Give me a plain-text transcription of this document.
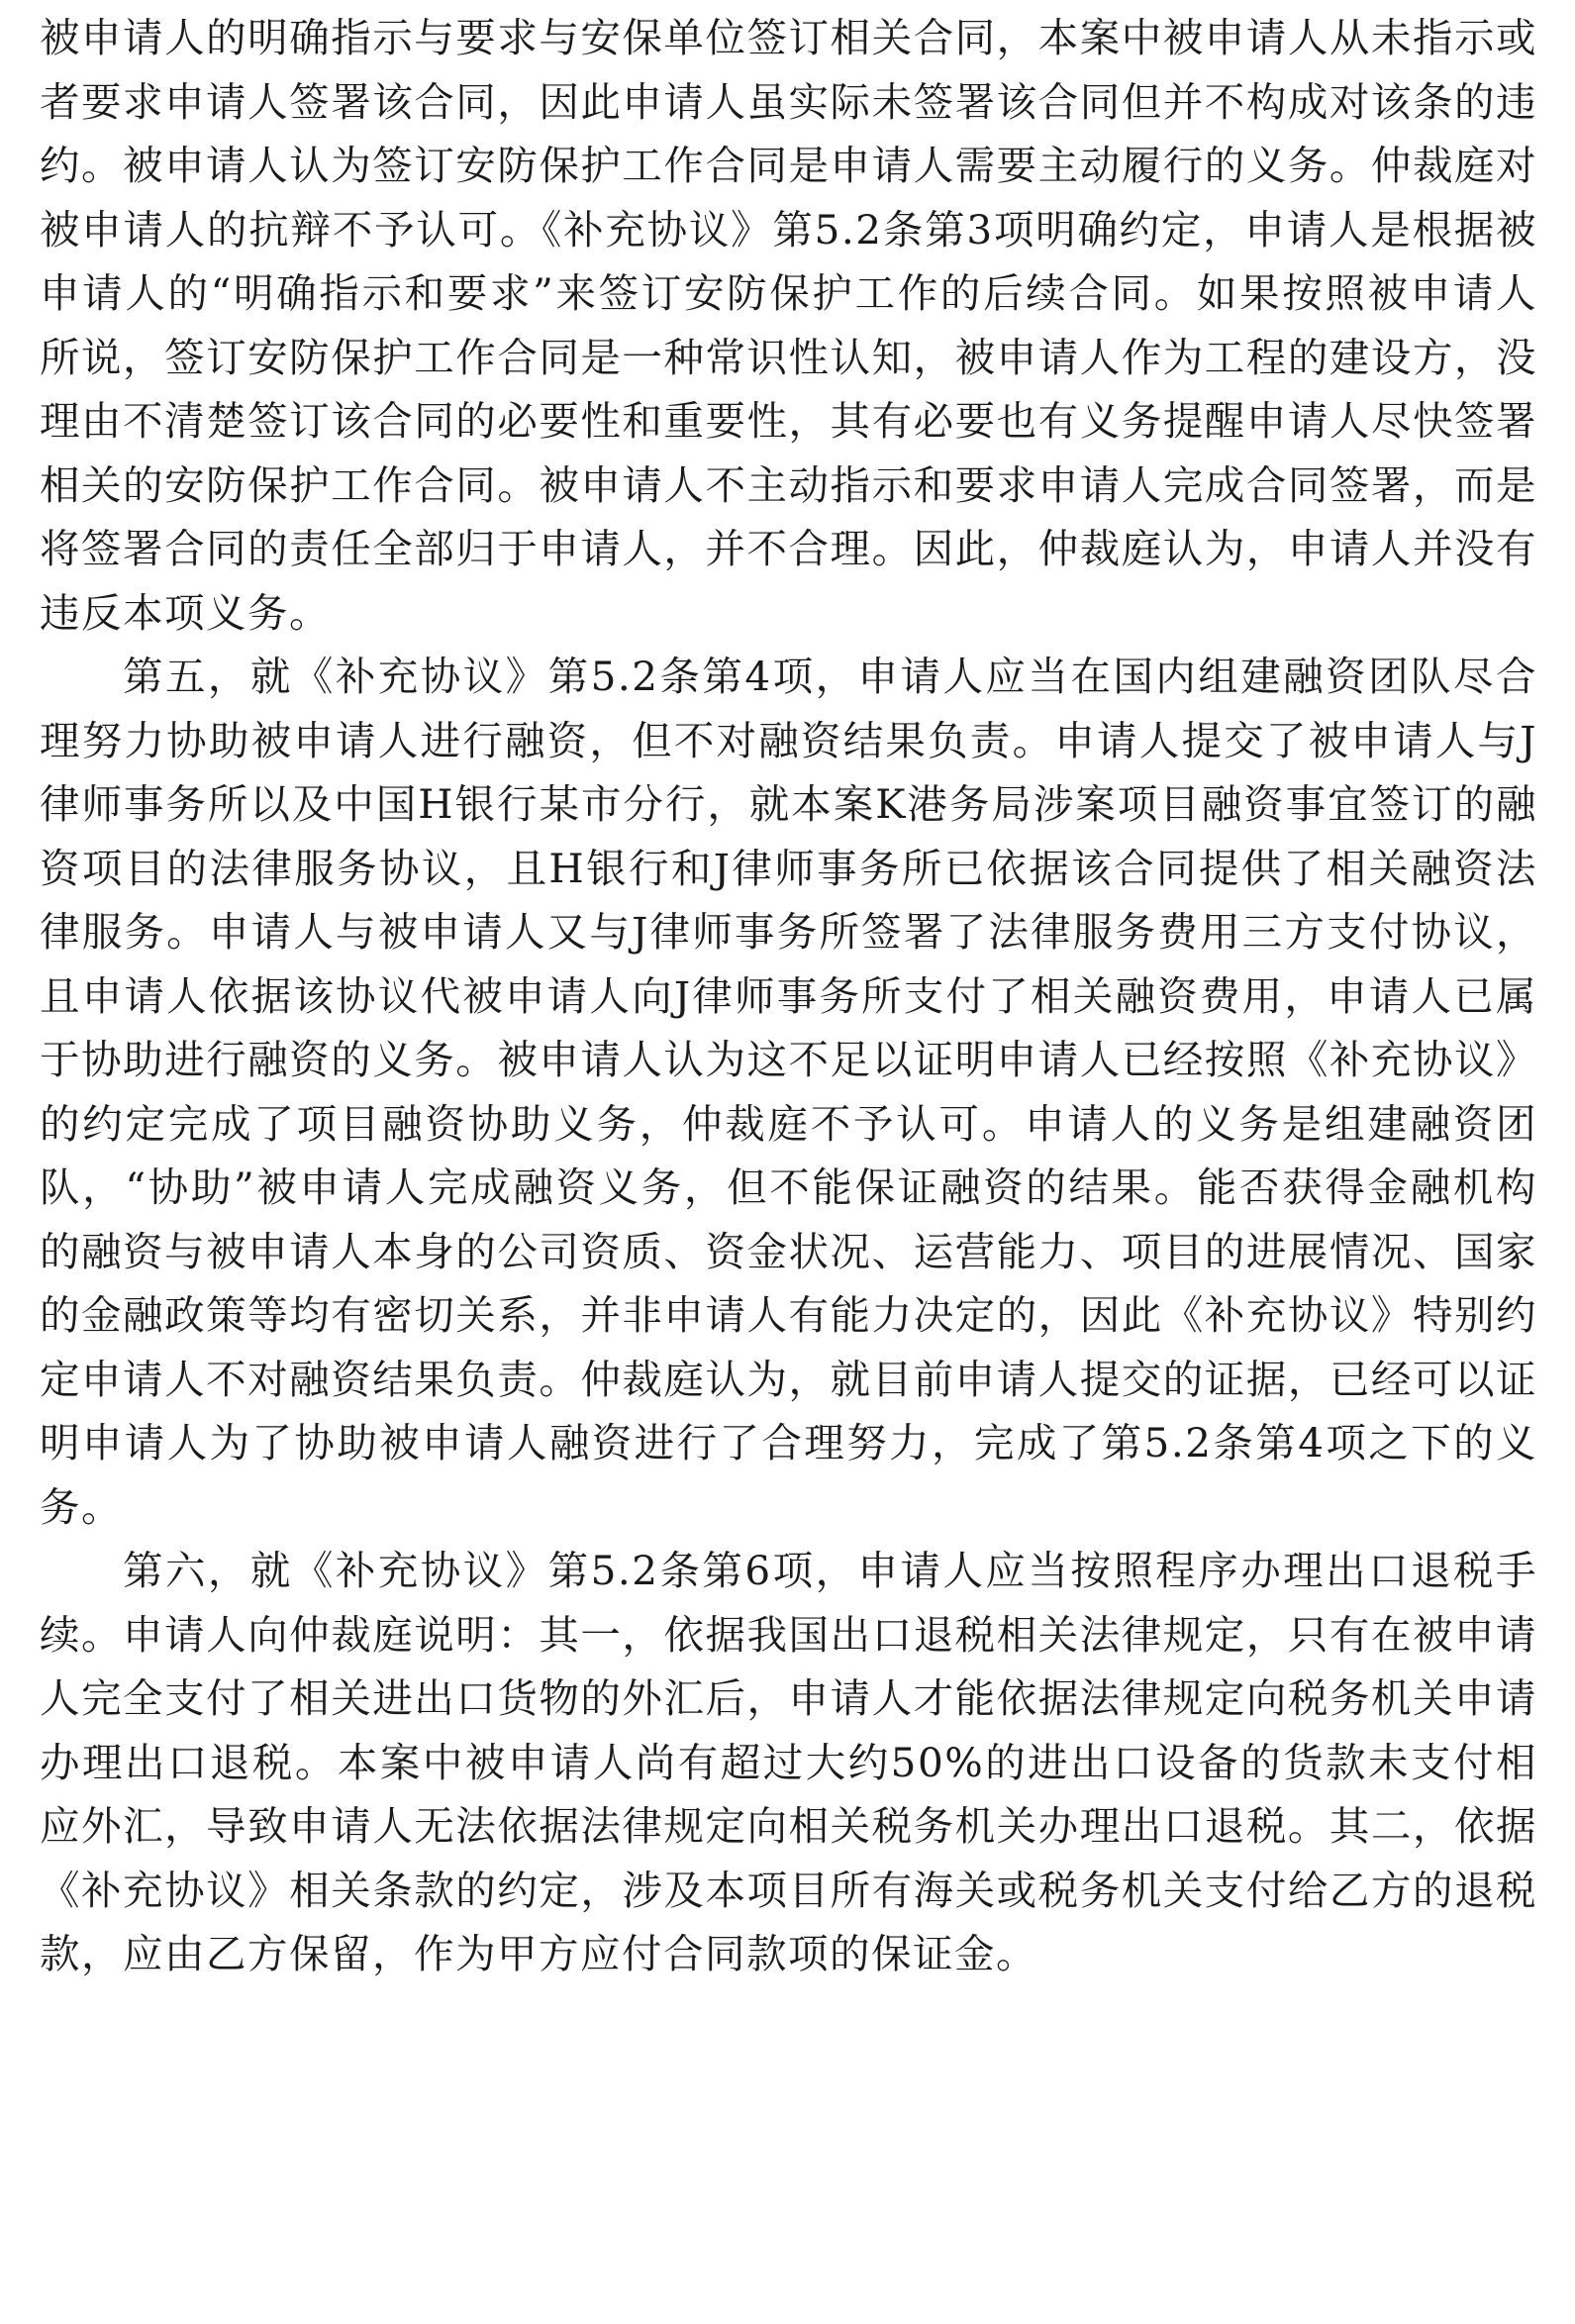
被申请人的明确指示与要求与安保单位签订相关合同，本案中被申请人从未指示或者要求申请人签署该合同，因此申请人虽实际未签署该合同但并不构成对该条的违约。被申请人认为签订安防保护工作合同是申请人需要主动履行的义务。仲裁庭对被申请人的抗辩不予认可。《补充协议》第5.2条第3项明确约定，申请人是根据被申请人的“明确指示和要求”来签订安防保护工作的后续合同。如果按照被申请人所说，签订安防保护工作合同是一种常识性认知，被申请人作为工程的建设方，没理由不清楚签订该合同的必要性和重要性，其有必要也有义务提醒申请人尽快签署相关的安防保护工作合同。被申请人不主动指示和要求申请人完成合同签署，而是将签署合同的责任全部归于申请人，并不合理。因此，仲裁庭认为，申请人并没有违反本项义务。

第五，就《补充协议》第5.2条第4项，申请人应当在国内组建融资团队尽合理努力协助被申请人进行融资，但不对融资结果负责。申请人提交了被申请人与J律师事务所以及中国H银行某市分行，就本案K港务局涉案项目融资事宜签订的融资项目的法律服务协议，且H银行和J律师事务所已依据该合同提供了相关融资法律服务。申请人与被申请人又与J律师事务所签署了法律服务费用三方支付协议，且申请人依据该协议代被申请人向J律师事务所支付了相关融资费用，申请人已属于协助进行融资的义务。被申请人认为这不足以证明申请人已经按照《补充协议》的约定完成了项目融资协助义务，仲裁庭不予认可。申请人的义务是组建融资团队，“协助”被申请人完成融资义务，但不能保证融资的结果。能否获得金融机构的融资与被申请人本身的公司资质、资金状况、运营能力、项目的进展情况、国家的金融政策等均有密切关系，并非申请人有能力决定的，因此《补充协议》特别约定申请人不对融资结果负责。仲裁庭认为，就目前申请人提交的证据，已经可以证明申请人为了协助被申请人融资进行了合理努力，完成了第5.2条第4项之下的义务。

第六，就《补充协议》第5.2条第6项，申请人应当按照程序办理出口退税手续。申请人向仲裁庭说明：其一，依据我国出口退税相关法律规定，只有在被申请人完全支付了相关进出口货物的外汇后，申请人才能依据法律规定向税务机关申请办理出口退税。本案中被申请人尚有超过大约50%的进出口设备的货款未支付相应外汇，导致申请人无法依据法律规定向相关税务机关办理出口退税。其二，依据《补充协议》相关条款的约定，涉及本项目所有海关或税务机关支付给乙方的退税款，应由乙方保留，作为甲方应付合同款项的保证金。
